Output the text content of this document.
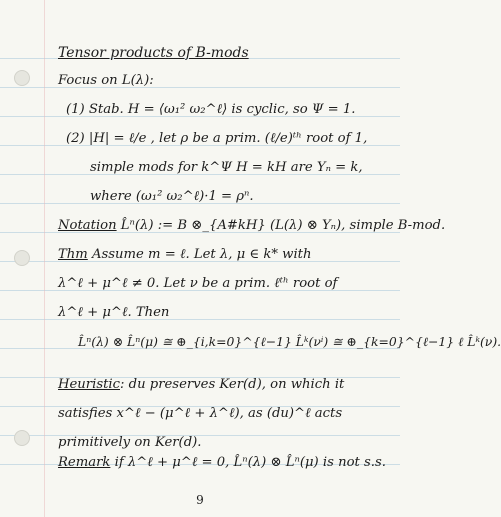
Tensor products of B-mods
Focus on L(λ):
(1) Stab. H = ⟨ω₁² ω₂^ℓ⟩ is cyclic, so Ψ = 1.
(2) |H| = ℓ/e , let ρ be a prim. (ℓ/e)ᵗʰ root of 1,
simple mods for k^Ψ H = kH are Yₙ = k,
where (ω₁² ω₂^ℓ)·1 = ρⁿ.
Notation L̂ⁿ(λ) := B ⊗_{A#kH} (L(λ) ⊗ Yₙ), simple B-mod.
Thm Assume m = ℓ. Let λ, μ ∈ k* with
λ^ℓ + μ^ℓ ≠ 0. Let ν be a prim. ℓᵗʰ root of
λ^ℓ + μ^ℓ. Then
L̂ⁿ(λ) ⊗ L̂ⁿ(μ) ≅ ⊕_{i,k=0}^{ℓ−1} L̂ᵏ(νⁱ) ≅ ⊕_{k=0}^{ℓ−1} ℓ L̂ᵏ(ν).
Heuristic: du preserves Ker(d), on which it
satisfies x^ℓ − (μ^ℓ + λ^ℓ), as (du)^ℓ acts
primitively on Ker(d).
Remark if λ^ℓ + μ^ℓ = 0, L̂ⁿ(λ) ⊗ L̂ⁿ(μ) is not s.s.
9
